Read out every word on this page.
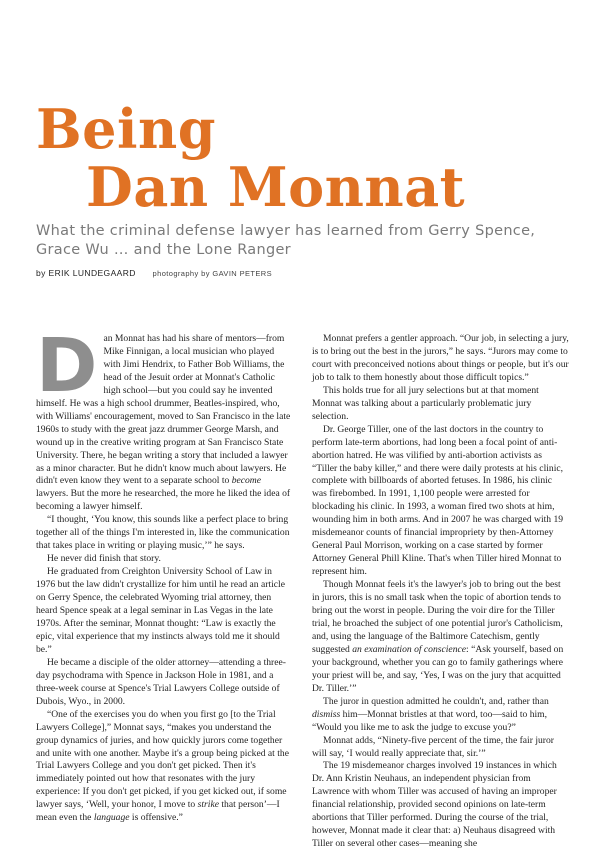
Being
Dan Monnat
What the criminal defense lawyer has learned from Gerry Spence, Grace Wu … and the Lone Ranger
by ERIK LUNDEGAARD photography by GAVIN PETERS

Dan Monnat has had his share of mentors—from Mike Finnigan, a local musician who played with Jimi Hendrix, to Father Bob Williams, the head of the Jesuit order at Monnat's Catholic high school—but you could say he invented himself. He was a high school drummer, Beatles-inspired, who, with Williams' encouragement, moved to San Francisco in the late 1960s to study with the great jazz drummer George Marsh, and wound up in the creative writing program at San Francisco State University. There, he began writing a story that included a lawyer as a minor character. But he didn't know much about lawyers. He didn't even know they went to a separate school to become lawyers. But the more he researched, the more he liked the idea of becoming a lawyer himself.

“I thought, ‘You know, this sounds like a perfect place to bring together all of the things I'm interested in, like the communication that takes place in writing or playing music,’” he says.

He never did finish that story.

He graduated from Creighton University School of Law in 1976 but the law didn't crystallize for him until he read an article on Gerry Spence, the celebrated Wyoming trial attorney, then heard Spence speak at a legal seminar in Las Vegas in the late 1970s. After the seminar, Monnat thought: “Law is exactly the epic, vital experience that my instincts always told me it should be.”

He became a disciple of the older attorney—attending a three-day psychodrama with Spence in Jackson Hole in 1981, and a three-week course at Spence's Trial Lawyers College outside of Dubois, Wyo., in 2000.

“One of the exercises you do when you first go [to the Trial Lawyers College],” Monnat says, “makes you understand the group dynamics of juries, and how quickly jurors come together and unite with one another. Maybe it's a group being picked at the Trial Lawyers College and you don't get picked. Then it's immediately pointed out how that resonates with the jury experience: If you don't get picked, if you get kicked out, if some lawyer says, ‘Well, your honor, I move to strike that person’—I mean even the language is offensive.”

Monnat prefers a gentler approach. “Our job, in selecting a jury, is to bring out the best in the jurors,” he says. “Jurors may come to court with preconceived notions about things or people, but it's our job to talk to them honestly about those difficult topics.”

This holds true for all jury selections but at that moment Monnat was talking about a particularly problematic jury selection.

Dr. George Tiller, one of the last doctors in the country to perform late-term abortions, had long been a focal point of anti-abortion hatred. He was vilified by anti-abortion activists as “Tiller the baby killer,” and there were daily protests at his clinic, complete with billboards of aborted fetuses. In 1986, his clinic was firebombed. In 1991, 1,100 people were arrested for blockading his clinic. In 1993, a woman fired two shots at him, wounding him in both arms. And in 2007 he was charged with 19 misdemeanor counts of financial impropriety by then-Attorney General Paul Morrison, working on a case started by former Attorney General Phill Kline. That's when Tiller hired Monnat to represent him.

Though Monnat feels it's the lawyer's job to bring out the best in jurors, this is no small task when the topic of abortion tends to bring out the worst in people. During the voir dire for the Tiller trial, he broached the subject of one potential juror's Catholicism, and, using the language of the Baltimore Catechism, gently suggested an examination of conscience: “Ask yourself, based on your background, whether you can go to family gatherings where your priest will be, and say, ‘Yes, I was on the jury that acquitted Dr. Tiller.’”

The juror in question admitted he couldn't, and, rather than dismiss him—Monnat bristles at that word, too—said to him, “Would you like me to ask the judge to excuse you?”

Monnat adds, “Ninety-five percent of the time, the fair juror will say, ‘I would really appreciate that, sir.’”

The 19 misdemeanor charges involved 19 instances in which Dr. Ann Kristin Neuhaus, an independent physician from Lawrence with whom Tiller was accused of having an improper financial relationship, provided second opinions on late-term abortions that Tiller performed. During the course of the trial, however, Monnat made it clear that: a) Neuhaus disagreed with Tiller on several other cases—meaning she
